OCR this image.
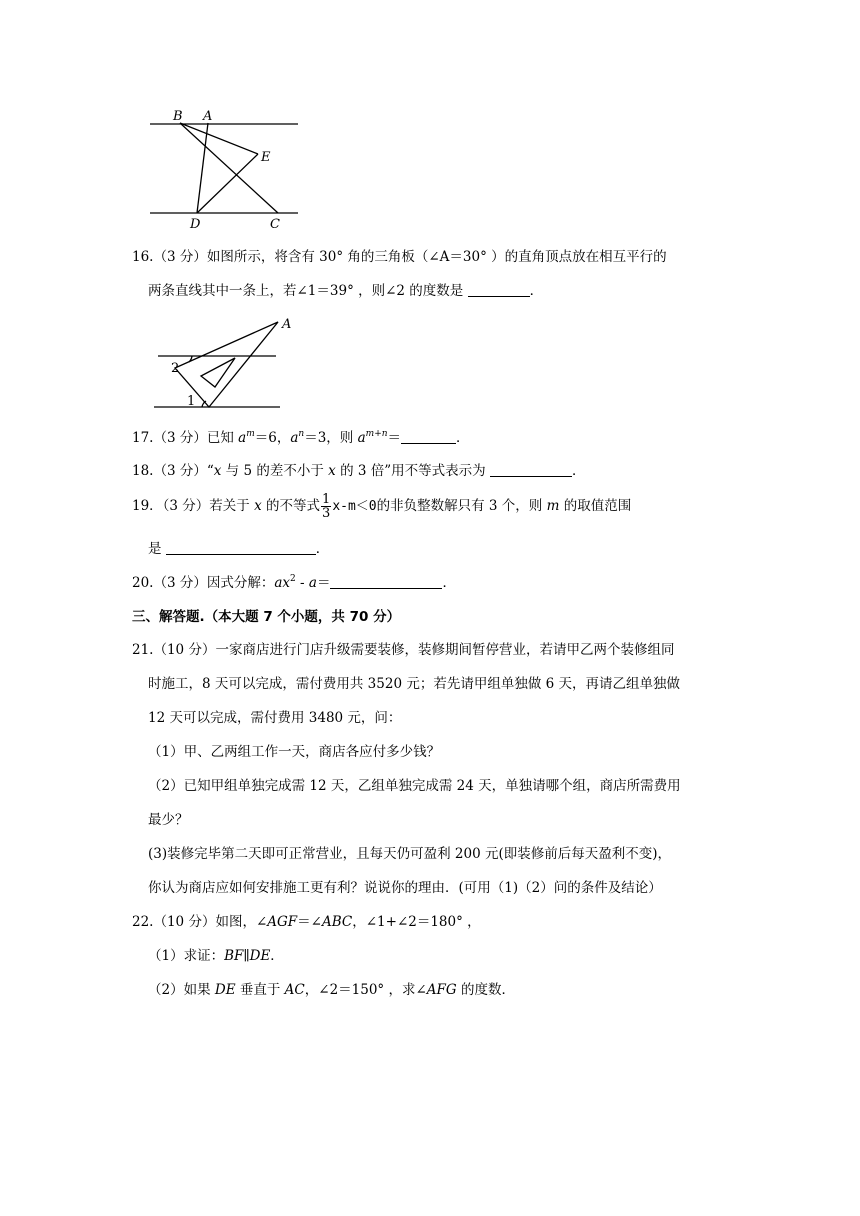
B A
E
D	C
16.（3 分）如图所示，将含有 30° 角的三角板（∠A＝30° ）的直角顶点放在相互平行的
两条直线其中一条上，若∠1＝39° ，则∠2 的度数是	．
A
1
2
17.（3 分）已知 $a^m=6$，$a^n=3$，则 $a^{m+n}=$	．
18.（3 分）“x 与 5 的差不小于 x 的 3 倍”用不等式表示为	．
19．（3 分）若关于 x 的不等式 $\frac{1}{3} x-m<0$的非负整数解只有 3 个，则 m 的取值范围
是	．
20.（3 分）因式分解：$ax^2 - a=$	．
三、解答题.（本大题 7 个小题，共 70 分）
21.（10 分）一家商店进行门店升级需要装修，装修期间暂停营业，若请甲乙两个装修组同
时施工，8 天可以完成，需付费用共 3520 元；若先请甲组单独做 6 天，再请乙组单独做
12 天可以完成，需付费用 3480 元，问：
（1）甲、乙两组工作一天，商店各应付多少钱？
（2）已知甲组单独完成需 12 天，乙组单独完成需 24 天，单独请哪个组，商店所需费用
最少？
(3)装修完毕第二天即可正常营业，且每天仍可盈利 200 元(即装修前后每天盈利不变)，
你认为商店应如何安排施工更有利？说说你的理由．(可用（1)（2）问的条件及结论）
22.（10 分）如图，∠AGF＝∠ABC，∠1+∠2＝180° ，
（1）求证：BF∥DE．
（2）如果 DE 垂直于 AC，∠2＝150° ，求∠AFG 的度数．
